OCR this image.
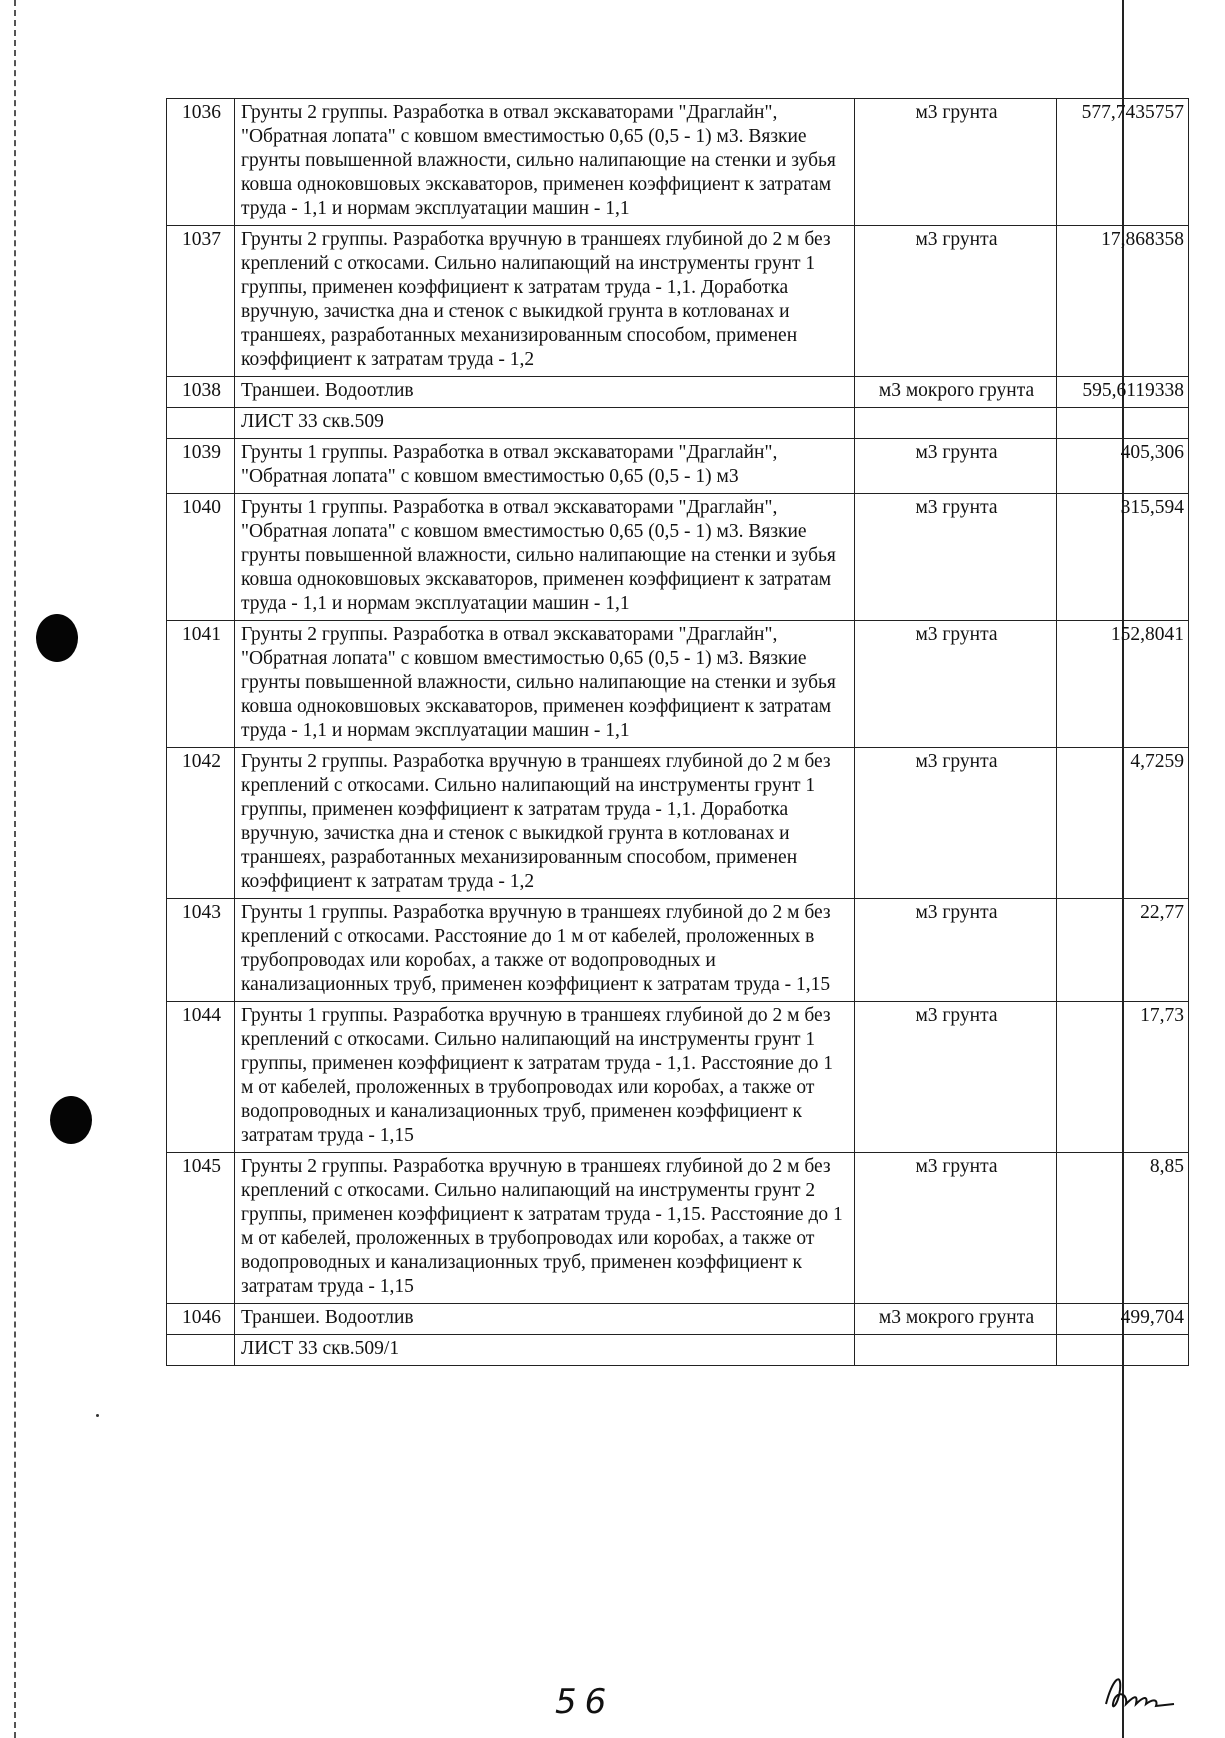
1036	Грунты 2 группы. Разработка в отвал экскаваторами "Драглайн", "Обратная лопата" с ковшом вместимостью 0,65 (0,5 - 1) м3. Вязкие грунты повышенной влажности, сильно налипающие на стенки и зубья ковша одноковшовых экскаваторов, применен коэффициент к затратам труда - 1,1 и нормам эксплуатации машин - 1,1	м3 грунта	577,7435757
1037	Грунты 2 группы. Разработка вручную в траншеях глубиной до 2 м без креплений с откосами. Сильно налипающий на инструменты грунт 1 группы, применен коэффициент к затратам труда - 1,1. Доработка вручную, зачистка дна и стенок с выкидкой грунта в котлованах и траншеях, разработанных механизированным способом, применен коэффициент к затратам труда - 1,2	м3 грунта	17,868358
1038	Траншеи. Водоотлив	м3 мокрого грунта	595,6119338
	ЛИСТ 33 скв.509		
1039	Грунты 1 группы. Разработка в отвал экскаваторами "Драглайн", "Обратная лопата" с ковшом вместимостью 0,65 (0,5 - 1) м3	м3 грунта	405,306
1040	Грунты 1 группы. Разработка в отвал экскаваторами "Драглайн", "Обратная лопата" с ковшом вместимостью 0,65 (0,5 - 1) м3. Вязкие грунты повышенной влажности, сильно налипающие на стенки и зубья ковша одноковшовых экскаваторов, применен коэффициент к затратам труда - 1,1 и нормам эксплуатации машин - 1,1	м3 грунта	315,594
1041	Грунты 2 группы. Разработка в отвал экскаваторами "Драглайн", "Обратная лопата" с ковшом вместимостью 0,65 (0,5 - 1) м3. Вязкие грунты повышенной влажности, сильно налипающие на стенки и зубья ковша одноковшовых экскаваторов, применен коэффициент к затратам труда - 1,1 и нормам эксплуатации машин - 1,1	м3 грунта	152,8041
1042	Грунты 2 группы. Разработка вручную в траншеях глубиной до 2 м без креплений с откосами. Сильно налипающий на инструменты грунт 1 группы, применен коэффициент к затратам труда - 1,1. Доработка вручную, зачистка дна и стенок с выкидкой грунта в котлованах и траншеях, разработанных механизированным способом, применен коэффициент к затратам труда - 1,2	м3 грунта	4,7259
1043	Грунты 1 группы. Разработка вручную в траншеях глубиной до 2 м без креплений с откосами. Расстояние до 1 м от кабелей, проложенных в трубопроводах или коробах, а также от водопроводных и канализационных труб, применен коэффициент к затратам труда - 1,15	м3 грунта	22,77
1044	Грунты 1 группы. Разработка вручную в траншеях глубиной до 2 м без креплений с откосами. Сильно налипающий на инструменты грунт 1 группы, применен коэффициент к затратам труда - 1,1. Расстояние до 1 м от кабелей, проложенных в трубопроводах или коробах, а также от водопроводных и канализационных труб, применен коэффициент к затратам труда - 1,15	м3 грунта	17,73
1045	Грунты 2 группы. Разработка вручную в траншеях глубиной до 2 м без креплений с откосами. Сильно налипающий на инструменты грунт 2 группы, применен коэффициент к затратам труда - 1,15. Расстояние до 1 м от кабелей, проложенных в трубопроводах или коробах, а также от водопроводных и канализационных труб, применен коэффициент к затратам труда - 1,15	м3 грунта	8,85
1046	Траншеи. Водоотлив	м3 мокрого грунта	499,704
	ЛИСТ 33 скв.509/1		
56
